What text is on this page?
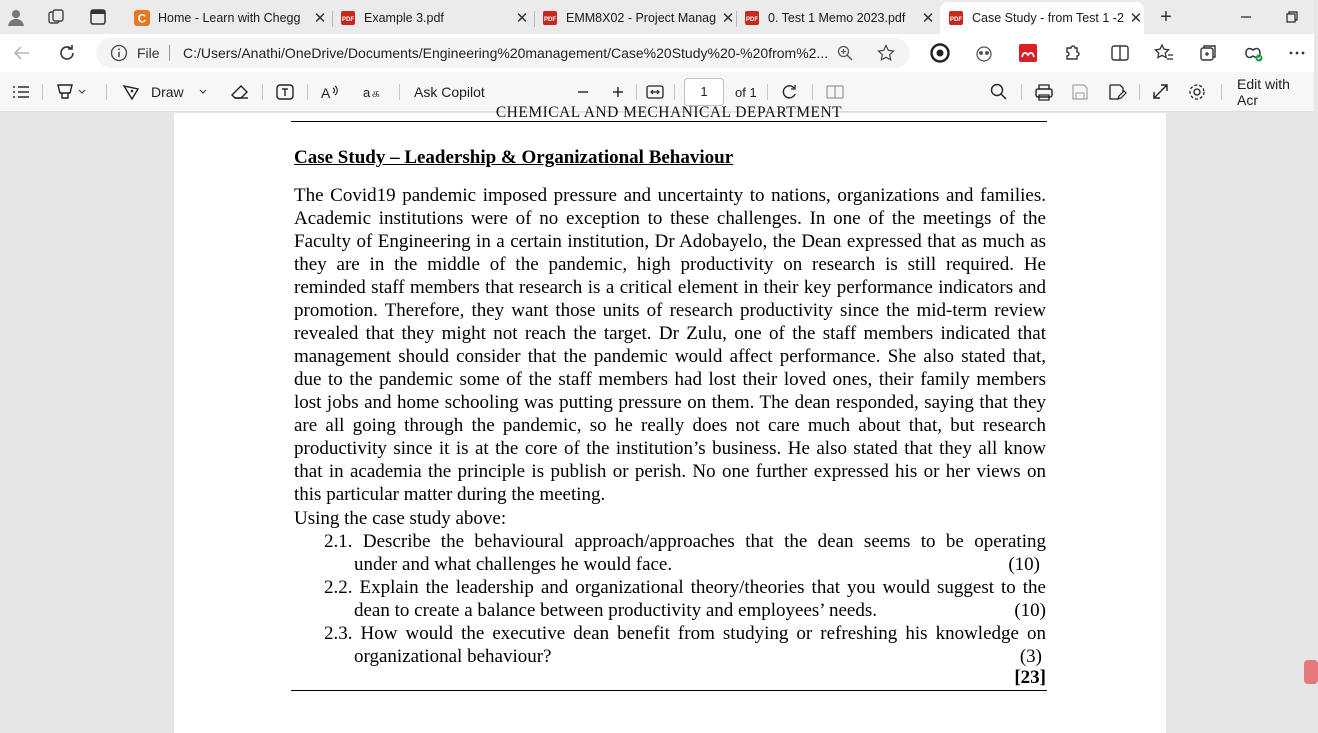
C Home - Learn with Chegg ✕	PDF Example 3.pdf	✕	PDF EMM8X02 - Project Manag ✕	PDF 0. Test 1 Memo 2023.pdf	✕	PDF Case Study - from Test 1 -2 ✕ +
File C:/Users/Anathi/OneDrive/Documents/Engineering%20management/Case%20Study%20-%20from%2...
Draw	A	a க Ask Copilot	1	of 1	Edit with Acr
CHEMICAL AND MECHANICAL DEPARTMENT
Case Study – Leadership & Organizational Behaviour
The Covid19 pandemic imposed pressure and uncertainty to nations, organizations and families. Academic institutions were of no exception to these challenges. In one of the meetings of the Faculty of Engineering in a certain institution, Dr Adobayelo, the Dean expressed that as much as they are in the middle of the pandemic, high productivity on research is still required. He reminded staff members that research is a critical element in their key performance indicators and promotion. Therefore, they want those units of research productivity since the mid-term review revealed that they might not reach the target. Dr Zulu, one of the staff members indicated that management should consider that the pandemic would affect performance. She also stated that, due to the pandemic some of the staff members had lost their loved ones, their family members lost jobs and home schooling was putting pressure on them. The dean responded, saying that they are all going through the pandemic, so he really does not care much about that, but research productivity since it is at the core of the institution’s business. He also stated that they all know that in academia the principle is publish or perish. No one further expressed his or her views on this particular matter during the meeting.
Using the case study above:
2.1. Describe the behavioural approach/approaches that the dean seems to be operating
under and what challenges he would face.	(10)
2.2. Explain the leadership and organizational theory/theories that you would suggest to the
dean to create a balance between productivity and employees’ needs.	(10)
2.3. How would the executive dean benefit from studying or refreshing his knowledge on
organizational behaviour?	(3)
[23]
